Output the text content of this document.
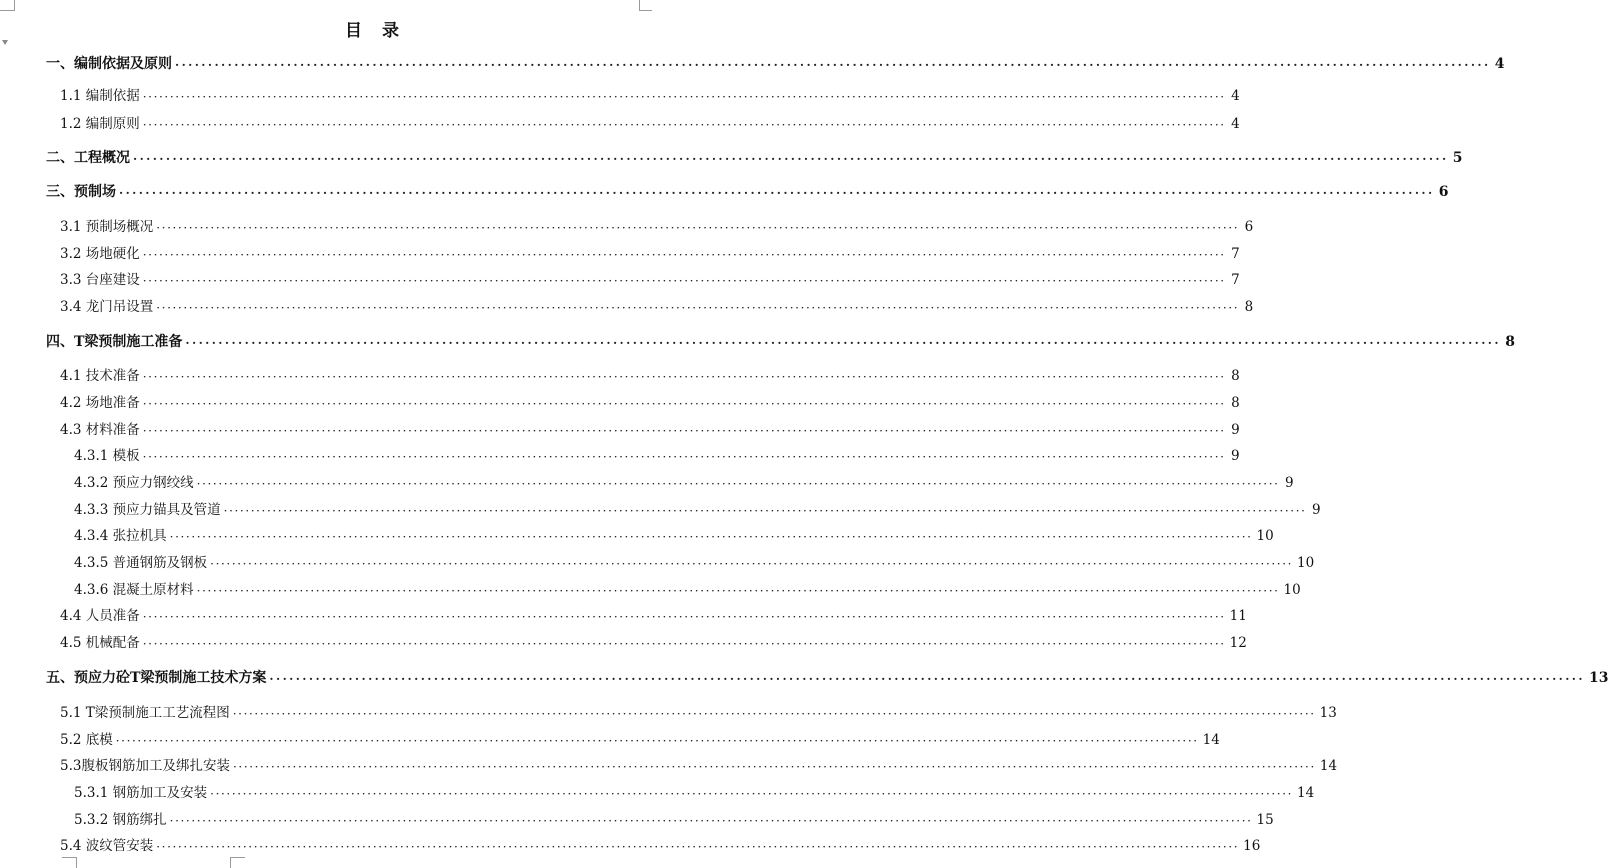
目 录
一、编制依据及原则 ········································································································································································································ 4
1.1 编制依据 ········································································································································································································ 4
1.2 编制原则 ········································································································································································································ 4
二、工程概况 ········································································································································································································ 5
三、预制场 ········································································································································································································ 6
3.1 预制场概况 ········································································································································································································ 6
3.2 场地硬化 ········································································································································································································ 7
3.3 台座建设 ········································································································································································································ 7
3.4 龙门吊设置 ········································································································································································································ 8
四、T梁预制施工准备 ········································································································································································································ 8
4.1 技术准备 ········································································································································································································ 8
4.2 场地准备 ········································································································································································································ 8
4.3 材料准备 ········································································································································································································ 9
4.3.1 模板 ········································································································································································································ 9
4.3.2 预应力钢绞线 ········································································································································································································ 9
4.3.3 预应力锚具及管道 ········································································································································································································ 9
4.3.4 张拉机具 ········································································································································································································ 10
4.3.5 普通钢筋及钢板 ········································································································································································································ 10
4.3.6 混凝土原材料 ········································································································································································································ 10
4.4 人员准备 ········································································································································································································ 11
4.5 机械配备 ········································································································································································································ 12
五、预应力砼T梁预制施工技术方案 ········································································································································································································ 13
5.1 T梁预制施工工艺流程图 ········································································································································································································ 13
5.2 底模 ········································································································································································································ 14
5.3腹板钢筋加工及绑扎安装 ········································································································································································································ 14
5.3.1 钢筋加工及安装 ········································································································································································································ 14
5.3.2 钢筋绑扎 ········································································································································································································ 15
5.4 波纹管安装 ········································································································································································································ 16
